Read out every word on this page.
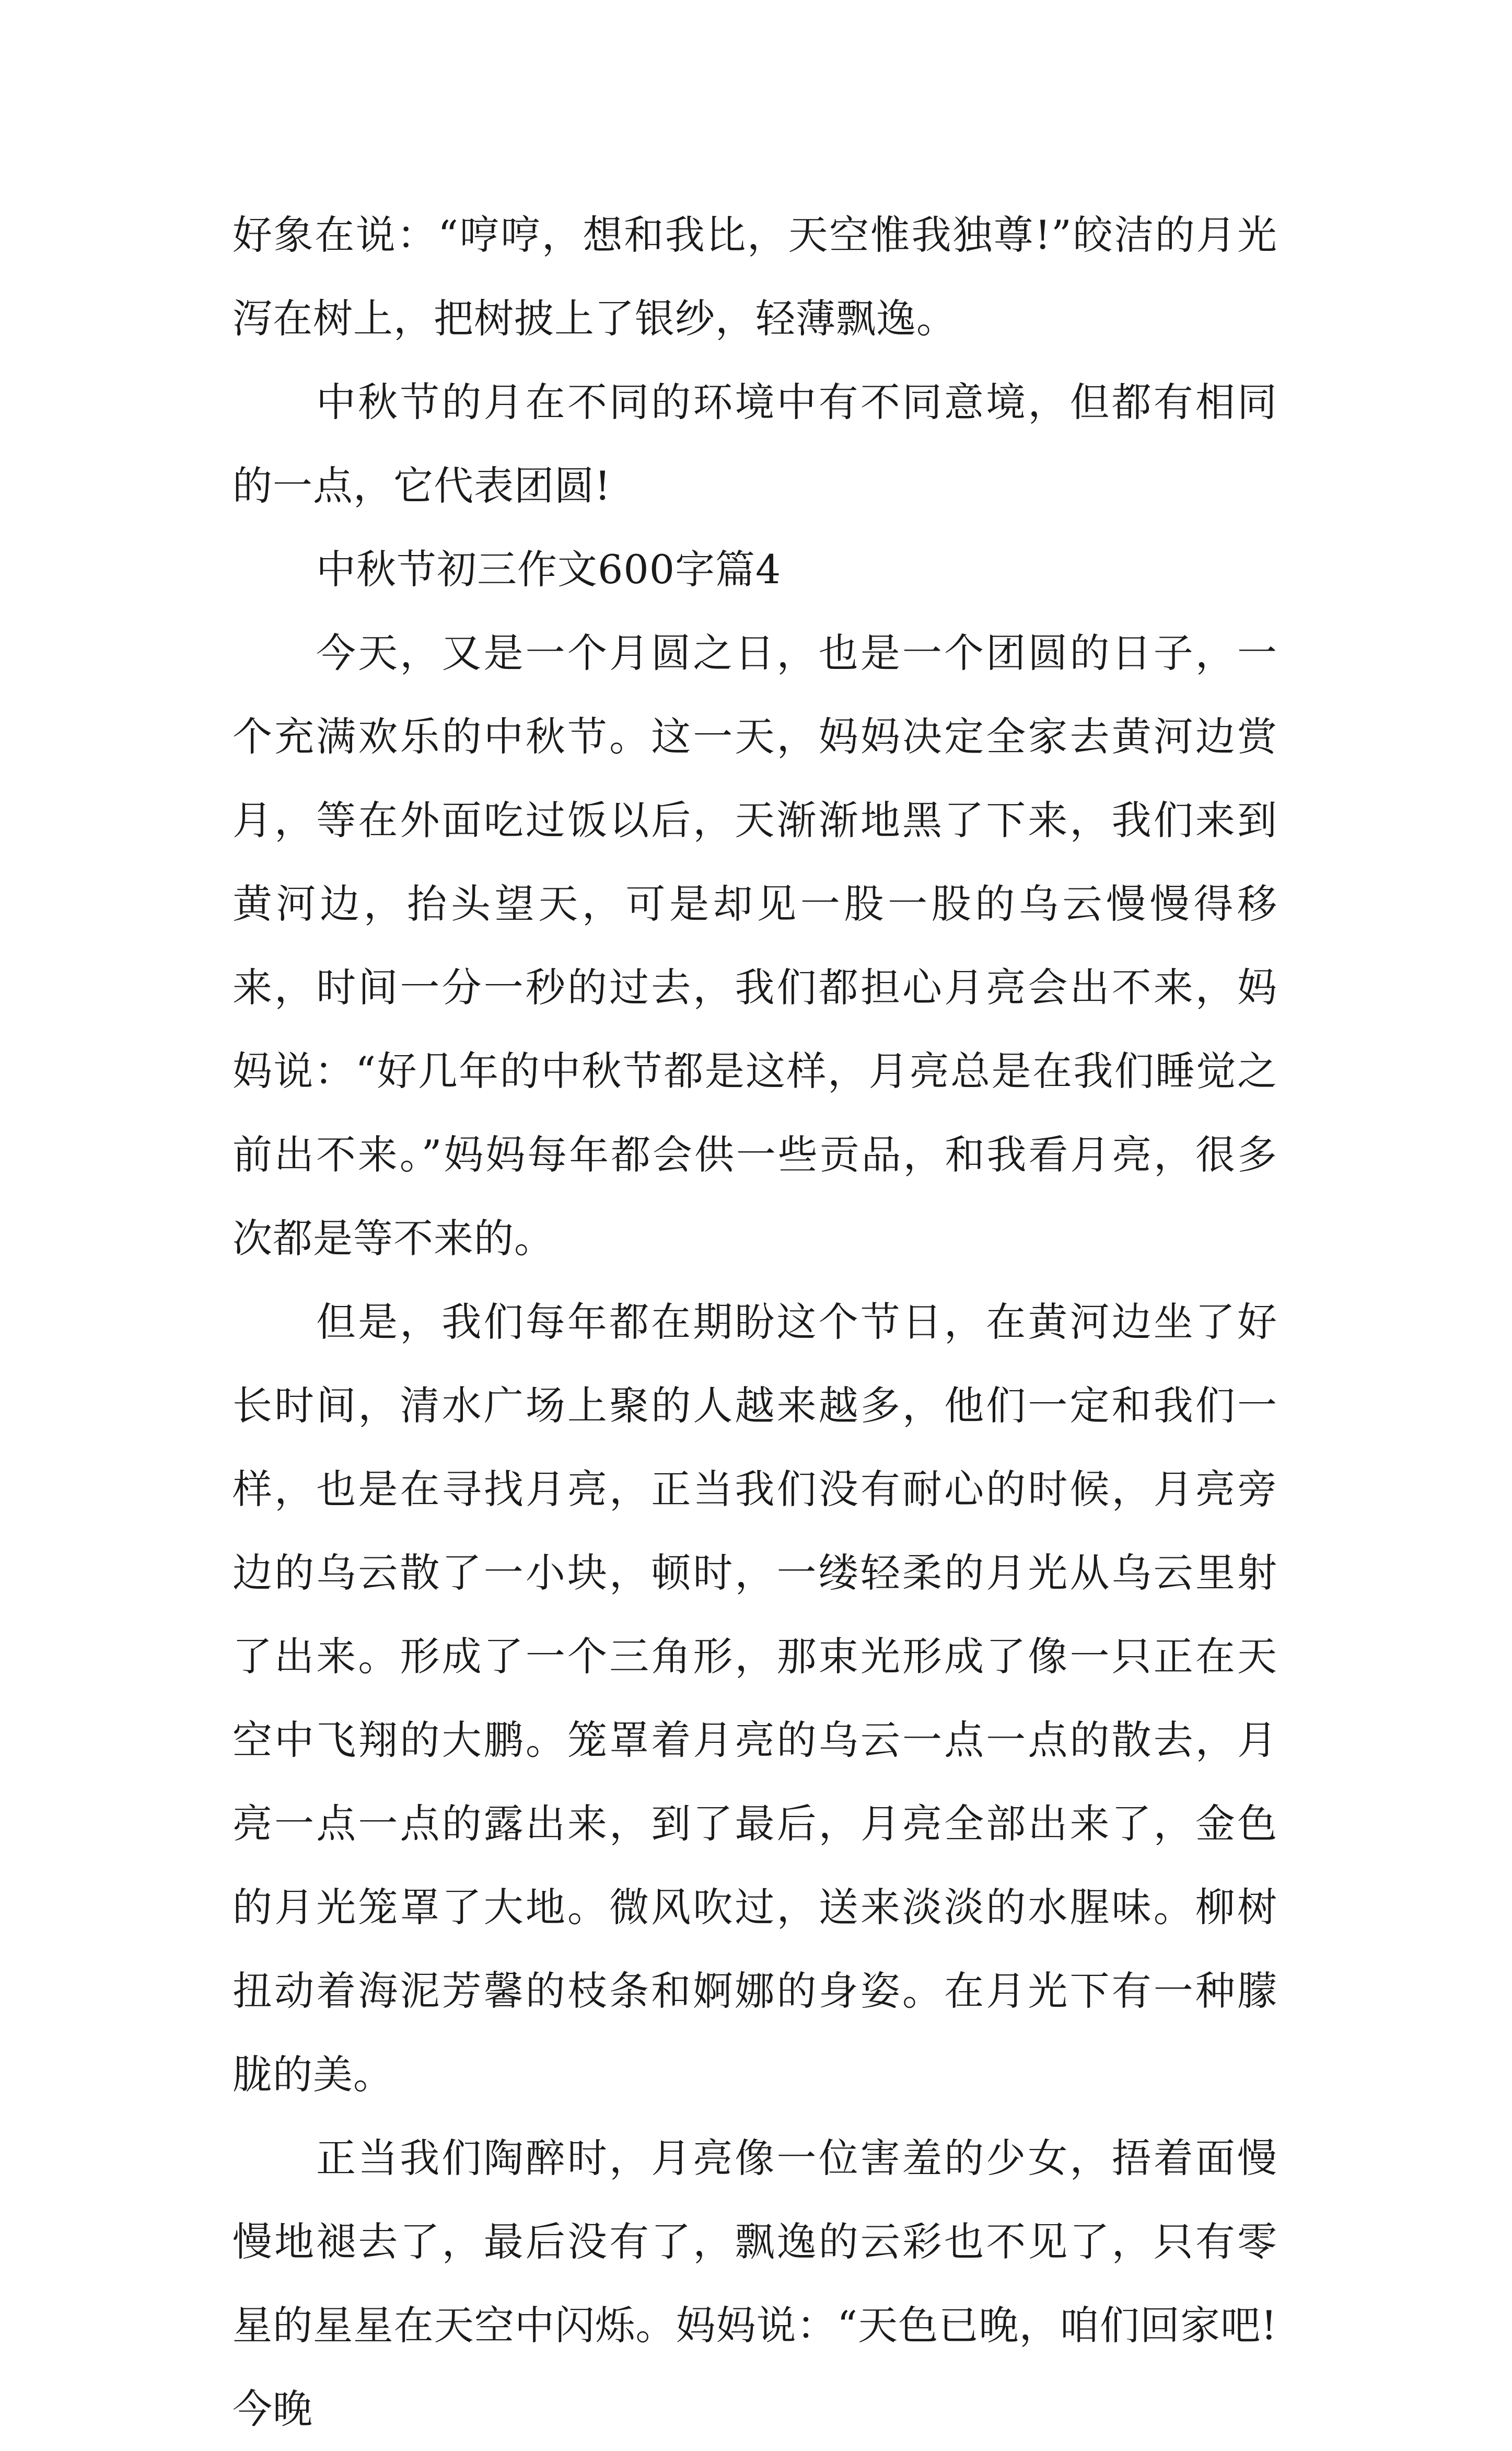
好象在说：“哼哼，想和我比，天空惟我独尊!”皎洁的月光泻在树上，把树披上了银纱，轻薄飘逸。

中秋节的月在不同的环境中有不同意境，但都有相同的一点，它代表团圆!

中秋节初三作文600字篇4

今天，又是一个月圆之日，也是一个团圆的日子，一个充满欢乐的中秋节。这一天，妈妈决定全家去黄河边赏月，等在外面吃过饭以后，天渐渐地黑了下来，我们来到黄河边，抬头望天，可是却见一股一股的乌云慢慢得移来，时间一分一秒的过去，我们都担心月亮会出不来，妈妈说：“好几年的中秋节都是这样，月亮总是在我们睡觉之前出不来。”妈妈每年都会供一些贡品，和我看月亮，很多次都是等不来的。

但是，我们每年都在期盼这个节日，在黄河边坐了好长时间，清水广场上聚的人越来越多，他们一定和我们一样，也是在寻找月亮，正当我们没有耐心的时候，月亮旁边的乌云散了一小块，顿时，一缕轻柔的月光从乌云里射了出来。形成了一个三角形，那束光形成了像一只正在天空中飞翔的大鹏。笼罩着月亮的乌云一点一点的散去，月亮一点一点的露出来，到了最后，月亮全部出来了，金色的月光笼罩了大地。微风吹过，送来淡淡的水腥味。柳树扭动着海泥芳馨的枝条和婀娜的身姿。在月光下有一种朦胧的美。

正当我们陶醉时，月亮像一位害羞的少女，捂着面慢慢地褪去了，最后没有了，飘逸的云彩也不见了，只有零星的星星在天空中闪烁。妈妈说：“天色已晚，咱们回家吧!今晚
